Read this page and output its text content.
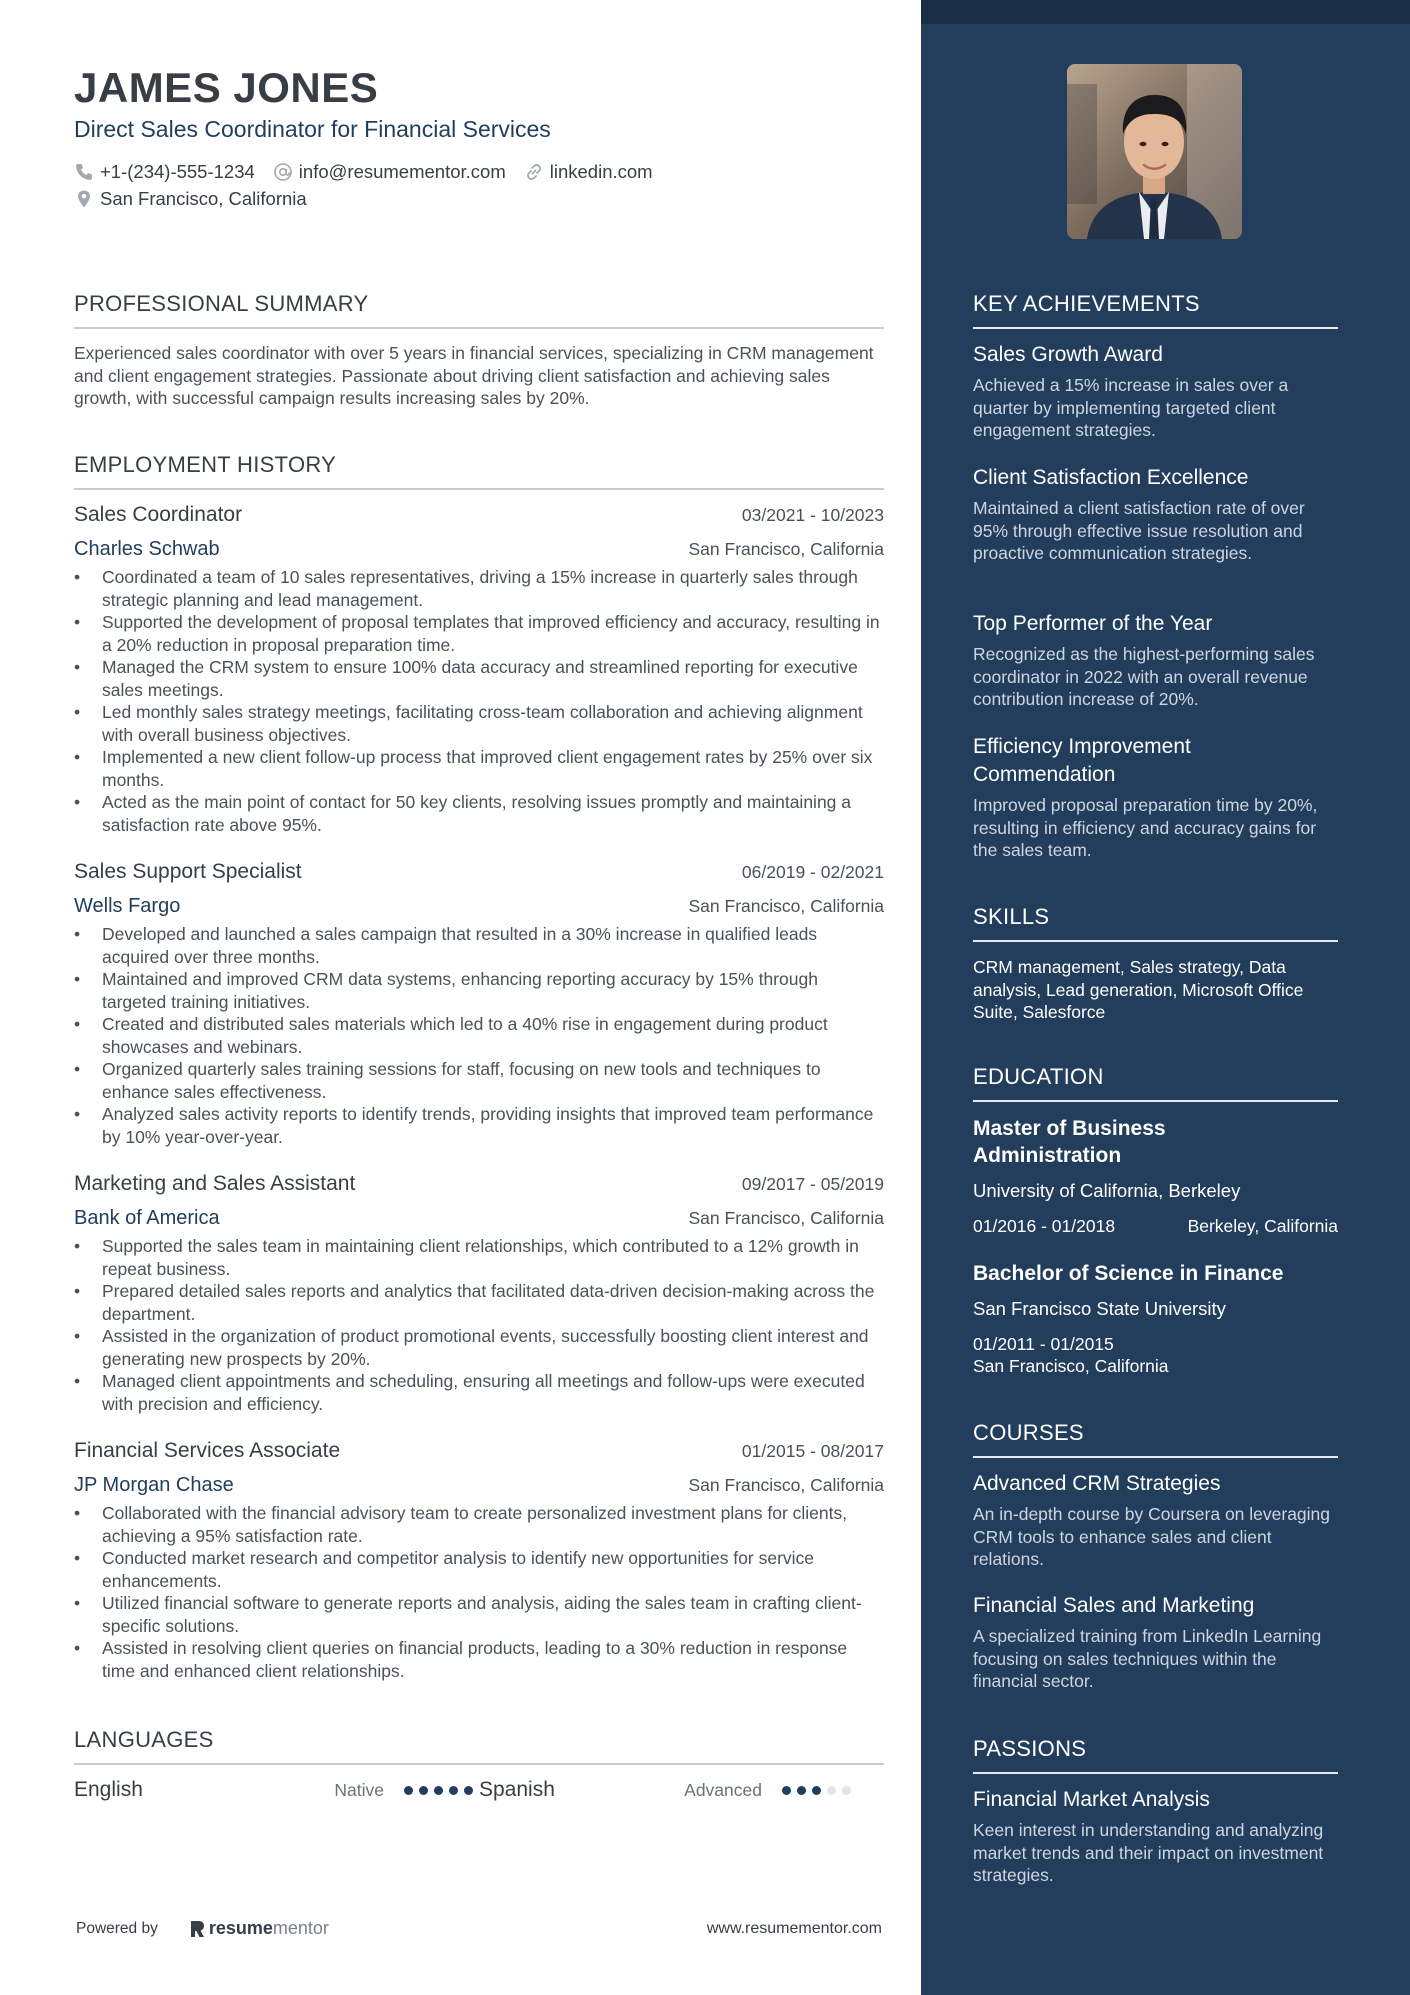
JAMES JONES
Direct Sales Coordinator for Financial Services
+1-(234)-555-1234 info@resumementor.com linkedin.com
San Francisco, California
PROFESSIONAL SUMMARY
Experienced sales coordinator with over 5 years in financial services, specializing in CRM management and client engagement strategies. Passionate about driving client satisfaction and achieving sales growth, with successful campaign results increasing sales by 20%.
EMPLOYMENT HISTORY
Sales Coordinator	03/2021 - 10/2023
Charles Schwab	San Francisco, California
• Coordinated a team of 10 sales representatives, driving a 15% increase in quarterly sales through strategic planning and lead management.
• Supported the development of proposal templates that improved efficiency and accuracy, resulting in a 20% reduction in proposal preparation time.
• Managed the CRM system to ensure 100% data accuracy and streamlined reporting for executive sales meetings.
• Led monthly sales strategy meetings, facilitating cross-team collaboration and achieving alignment with overall business objectives.
• Implemented a new client follow-up process that improved client engagement rates by 25% over six months.
• Acted as the main point of contact for 50 key clients, resolving issues promptly and maintaining a satisfaction rate above 95%.
Sales Support Specialist	06/2019 - 02/2021
Wells Fargo	San Francisco, California
• Developed and launched a sales campaign that resulted in a 30% increase in qualified leads acquired over three months.
• Maintained and improved CRM data systems, enhancing reporting accuracy by 15% through targeted training initiatives.
• Created and distributed sales materials which led to a 40% rise in engagement during product showcases and webinars.
• Organized quarterly sales training sessions for staff, focusing on new tools and techniques to enhance sales effectiveness.
• Analyzed sales activity reports to identify trends, providing insights that improved team performance by 10% year-over-year.
Marketing and Sales Assistant	09/2017 - 05/2019
Bank of America	San Francisco, California
• Supported the sales team in maintaining client relationships, which contributed to a 12% growth in repeat business.
• Prepared detailed sales reports and analytics that facilitated data-driven decision-making across the department.
• Assisted in the organization of product promotional events, successfully boosting client interest and generating new prospects by 20%.
• Managed client appointments and scheduling, ensuring all meetings and follow-ups were executed with precision and efficiency.
Financial Services Associate	01/2015 - 08/2017
JP Morgan Chase	San Francisco, California
• Collaborated with the financial advisory team to create personalized investment plans for clients, achieving a 95% satisfaction rate.
• Conducted market research and competitor analysis to identify new opportunities for service enhancements.
• Utilized financial software to generate reports and analysis, aiding the sales team in crafting client-specific solutions.
• Assisted in resolving client queries on financial products, leading to a 30% reduction in response time and enhanced client relationships.
LANGUAGES
English	Native	Spanish	Advanced
Powered by	resume mentor	www.resumementor.com
KEY ACHIEVEMENTS
Sales Growth Award
Achieved a 15% increase in sales over a quarter by implementing targeted client engagement strategies.
Client Satisfaction Excellence
Maintained a client satisfaction rate of over 95% through effective issue resolution and proactive communication strategies.
Top Performer of the Year
Recognized as the highest-performing sales coordinator in 2022 with an overall revenue contribution increase of 20%.
Efficiency Improvement Commendation
Improved proposal preparation time by 20%, resulting in efficiency and accuracy gains for the sales team.
SKILLS
CRM management, Sales strategy, Data analysis, Lead generation, Microsoft Office Suite, Salesforce
EDUCATION
Master of Business Administration
University of California, Berkeley
01/2016 - 01/2018	Berkeley, California
Bachelor of Science in Finance
San Francisco State University
01/2011 - 01/2015
San Francisco, California
COURSES
Advanced CRM Strategies
An in-depth course by Coursera on leveraging CRM tools to enhance sales and client relations.
Financial Sales and Marketing
A specialized training from LinkedIn Learning focusing on sales techniques within the financial sector.
PASSIONS
Financial Market Analysis
Keen interest in understanding and analyzing market trends and their impact on investment strategies.
